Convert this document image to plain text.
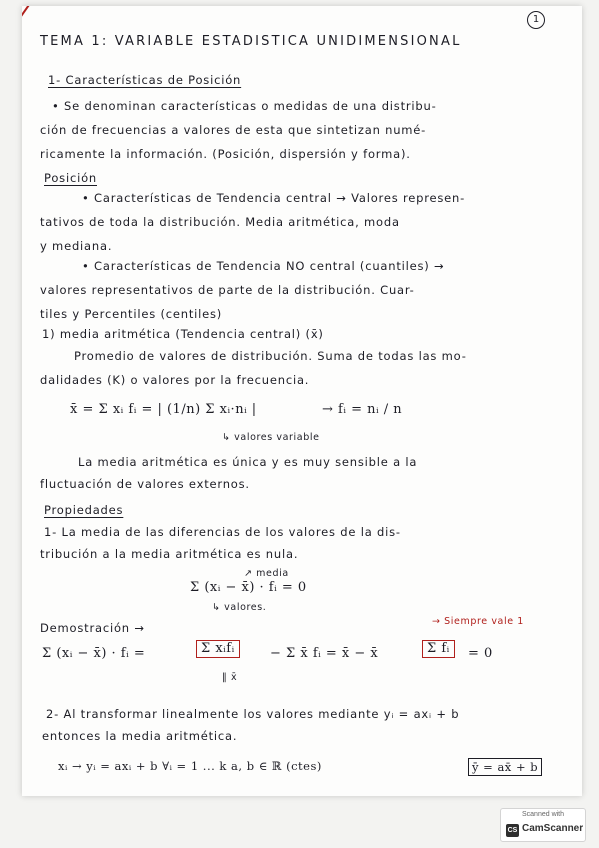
1
TEMA 1: VARIABLE ESTADISTICA UNIDIMENSIONAL
1- Características de Posición
• Se denominan características o medidas de una distribu-
ción de frecuencias a valores de esta que sintetizan numé-
ricamente la información. (Posición, dispersión y forma).
Posición
• Características de Tendencia central → Valores represen-
tativos de toda la distribución. Media aritmética, moda
y mediana.
• Características de Tendencia NO central (cuantiles) →
valores representativos de parte de la distribución. Cuar-
tiles y Percentiles (centiles)
1) media aritmética (Tendencia central) (x̄)
Promedio de valores de distribución. Suma de todas las mo-
dalidades (K) o valores por la frecuencia.
x̄ = Σ xᵢ fᵢ = | (1/n) Σ xᵢ·nᵢ |	→ fᵢ = nᵢ / n
↳ valores variable
La media aritmética es única y es muy sensible a la
fluctuación de valores externos.
Propiedades
1- La media de las diferencias de los valores de la dis-
tribución a la media aritmética es nula.
↗ media
Σ (xᵢ − x̄) · fᵢ = 0
↳ valores.
Demostración →	→ Siempre vale 1
Σ (xᵢ − x̄) · fᵢ =	Σ xᵢfᵢ	− Σ x̄ fᵢ = x̄ − x̄	Σ fᵢ	= 0
‖ x̄
2- Al transformar linealmente los valores mediante yᵢ = axᵢ + b
entonces la media aritmética.
xᵢ → yᵢ = axᵢ + b ∀ᵢ = 1 ... k a, b ∈ ℝ (ctes)	ȳ = ax̄ + b
Scanned with
CS CamScanner
